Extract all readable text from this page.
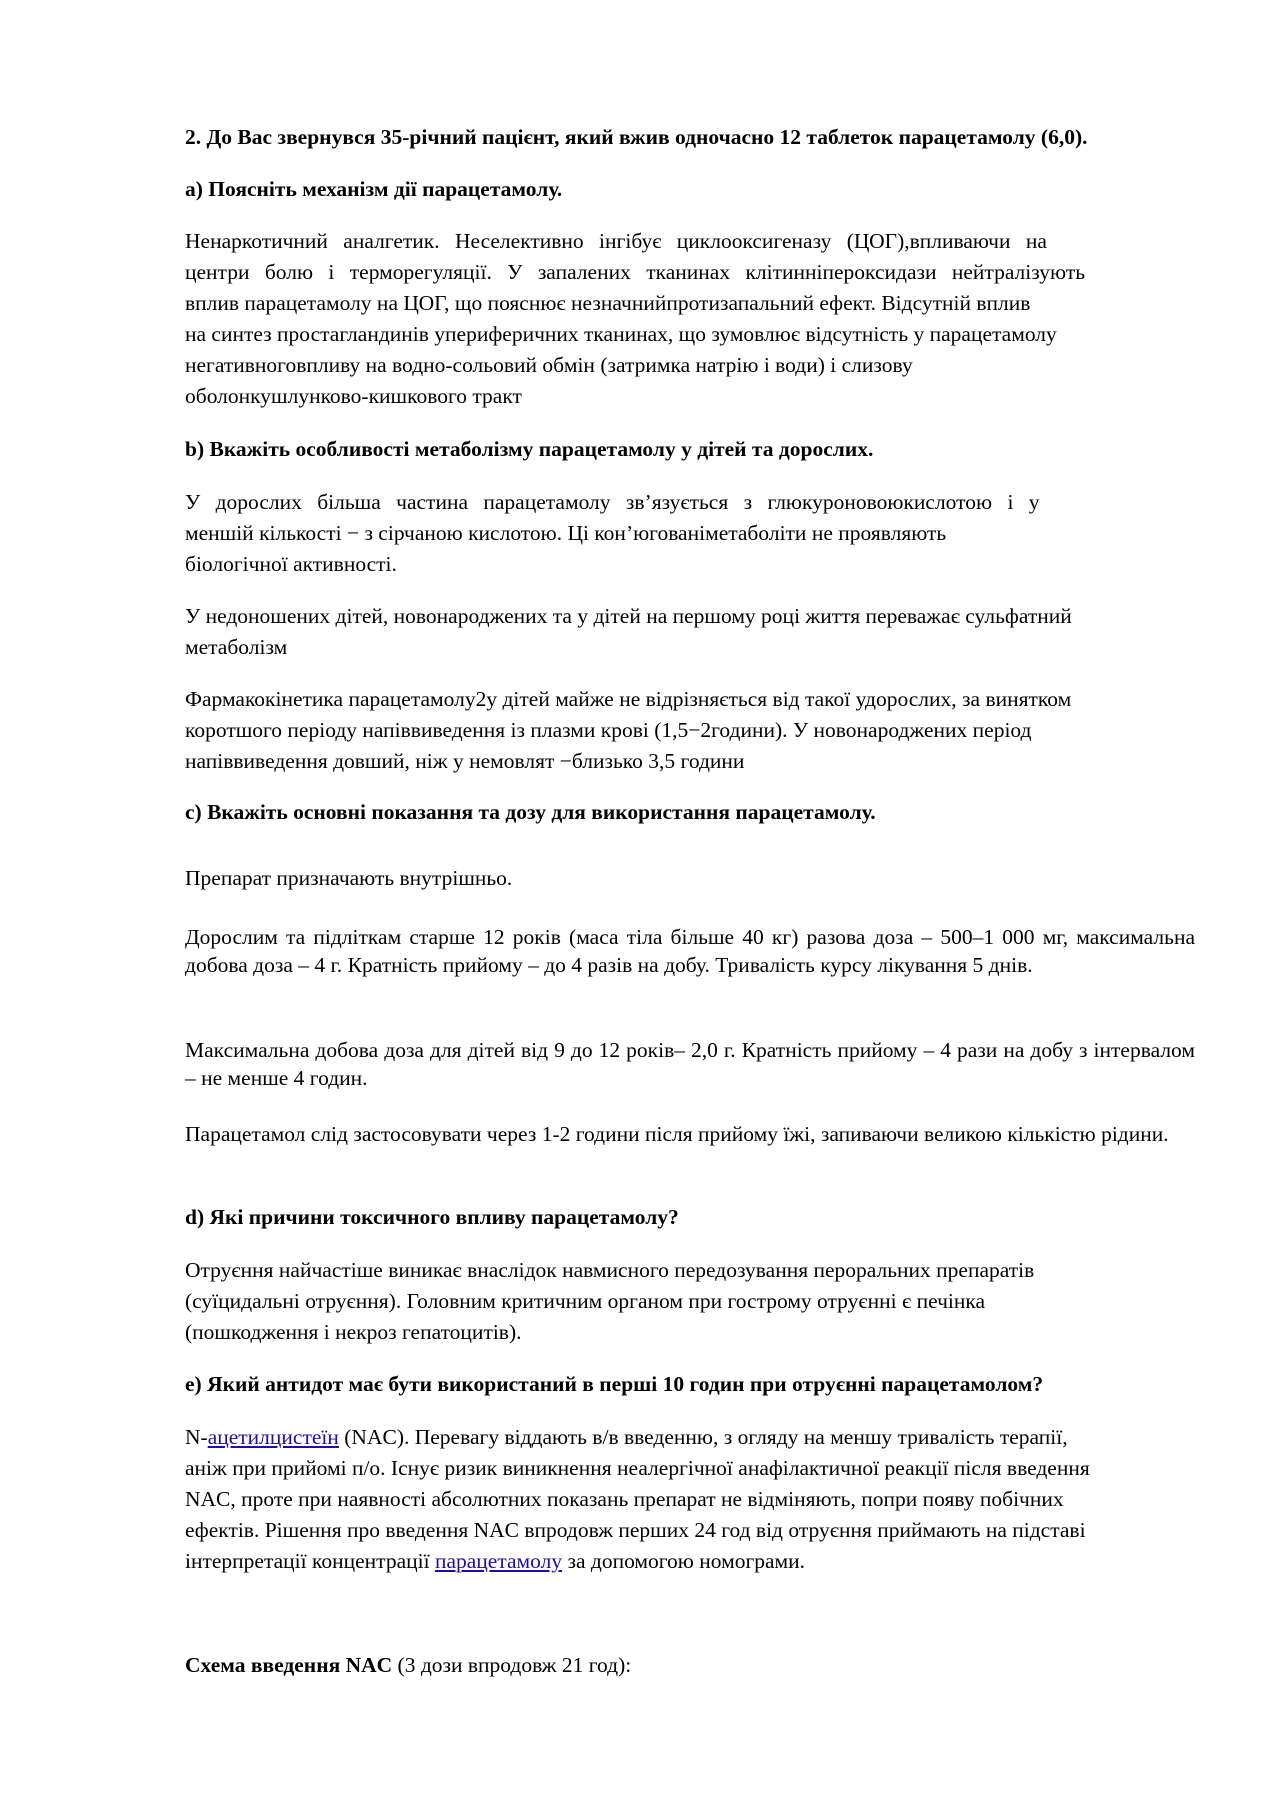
2. До Вас звернувся 35-річний пацієнт, який вжив одночасно 12 таблеток парацетамолу (6,0).

а) Поясніть механізм дії парацетамолу.

Ненаркотичний аналгетик. Неселективно інгібує циклооксигеназу (ЦОГ),впливаючи на
центри болю і терморегуляції. У запалених тканинах клітинніпероксидази нейтралізують
вплив парацетамолу на ЦОГ, що пояснює незначнийпротизапальний ефект. Відсутній вплив
на синтез простагландинів упериферичних тканинах, що зумовлює відсутність у парацетамолу
негативноговпливу на водно-сольовий обмін (затримка натрію і води) і слизову
оболонкушлунково-кишкового тракт

b) Вкажіть особливості метаболізму парацетамолу у дітей та дорослих.

У дорослих більша частина парацетамолу зв’язується з глюкуроновоюкислотою і у
меншій кількості − з сірчаною кислотою. Ці кон’югованіметаболіти не проявляють
біологічної активності.
У недоношених дітей, новонароджених та у дітей на першому році життя переважає сульфатний
метаболізм
Фармакокінетика парацетамолу2у дітей майже не відрізняється від такої удорослих, за винятком
коротшого періоду напіввиведення із плазми крові (1,5−2години). У новонароджених період
напіввиведення довший, ніж у немовлят −близько 3,5 години

c) Вкажіть основні показання та дозу для використання парацетамолу.

Препарат призначають внутрішньо.

Дорослим та підліткам старше 12 років (маса тіла більше 40 кг) разова доза – 500–1 000 мг, максимальна добова доза – 4 г. Кратність прийому – до 4 разів на добу. Тривалість курсу лікування 5 днів.

Максимальна добова доза для дітей від 9 до 12 років– 2,0 г. Кратність прийому – 4 рази на добу з інтервалом – не менше 4 годин.

Парацетамол слід застосовувати через 1-2 години після прийому їжі, запиваючи великою кількістю рідини.

d) Які причини токсичного впливу парацетамолу?

Отруєння найчастіше виникає внаслідок навмисного передозування пероральних препаратів
(суїцидальні отруєння). Головним критичним органом при гострому отруєнні є печінка
(пошкодження і некроз гепатоцитів).

e) Який антидот має бути використаний в перші 10 годин при отруєнні парацетамолом?

N-ацетилцистеїн (NAC). Перевагу віддають в/в введенню, з огляду на меншу тривалість терапії,
аніж при прийомі п/о. Існує ризик виникнення неалергічної анафілактичної реакції після введення
NAC, проте при наявності абсолютних показань препарат не відміняють, попри появу побічних
ефектів. Рішення про введення NAC впродовж перших 24 год від отруєння приймають на підставі
інтерпретації концентрації парацетамолу за допомогою номограми.

Схема введення NAC (3 дози впродовж 21 год):
